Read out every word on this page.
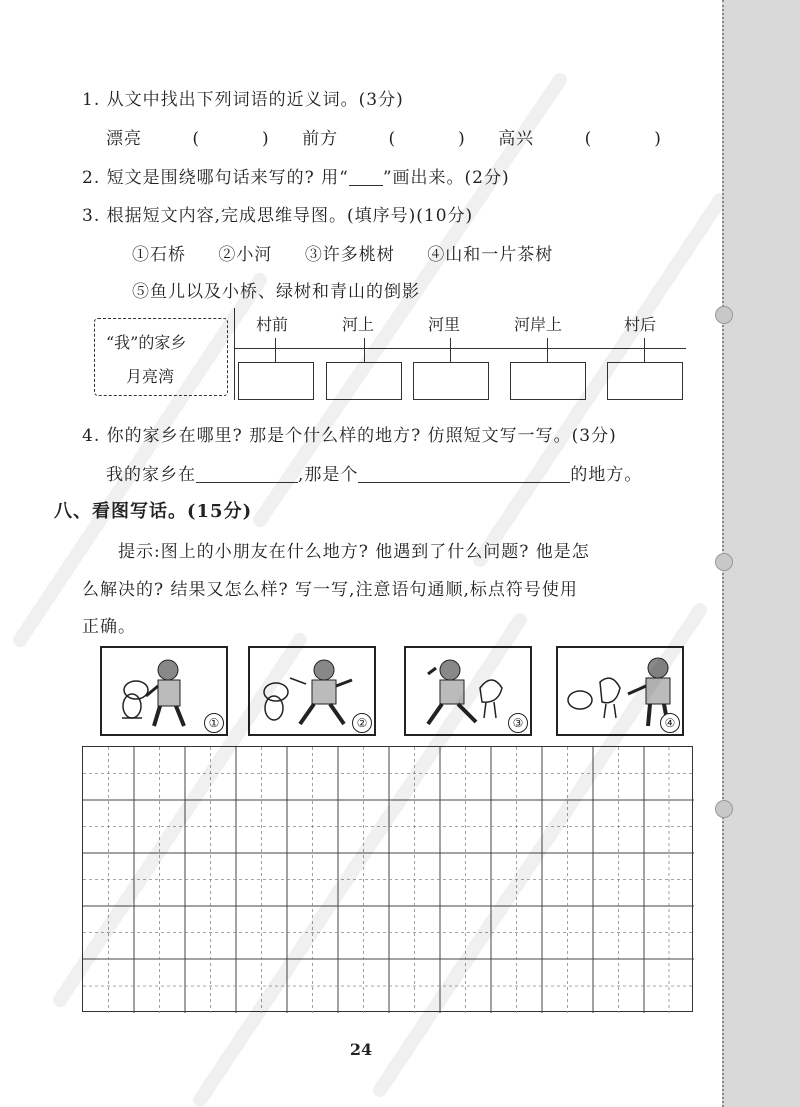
1. 从文中找出下列词语的近义词。(3分)
漂亮	(	) 前方	(	) 高兴	(	)
2. 短文是围绕哪句话来写的? 用“ ”画出来。(2分)
3. 根据短文内容,完成思维导图。(填序号)(10分)
①石桥 ②小河 ③许多桃树 ④山和一片茶树
⑤鱼儿以及小桥、绿树和青山的倒影
“我”的家乡
月亮湾
村前	河上	河里	河岸上	村后
4. 你的家乡在哪里? 那是个什么样的地方? 仿照短文写一写。(3分)
我的家乡在	,那是个	的地方。
八、看图写话。(15分)
提示:图上的小朋友在什么地方? 他遇到了什么问题? 他是怎
么解决的? 结果又怎么样? 写一写,注意语句通顺,标点符号使用
正确。
①	②	③	④
24
